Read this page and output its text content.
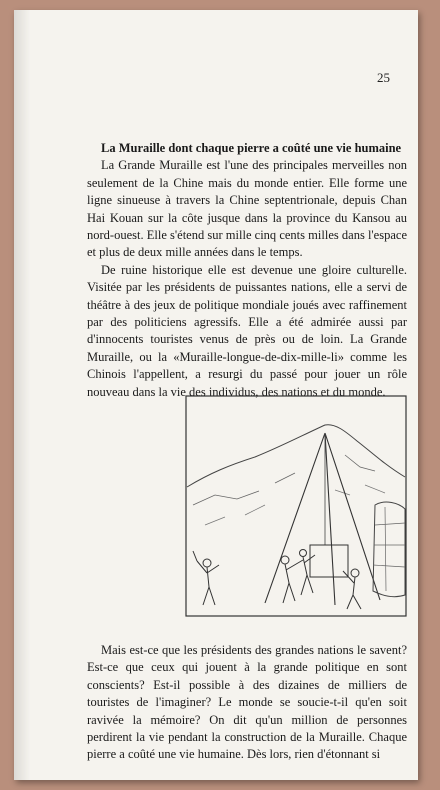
25

La Muraille dont chaque pierre a coûté une vie humaine

La Grande Muraille est l'une des principales merveilles non seulement de la Chine mais du monde entier. Elle forme une ligne sinueuse à travers la Chine septentrionale, depuis Chan Hai Kouan sur la côte jusque dans la province du Kansou au nord-ouest. Elle s'étend sur mille cinq cents milles dans l'espace et plus de deux mille années dans le temps.

De ruine historique elle est devenue une gloire culturelle. Visitée par les présidents de puissantes nations, elle a servi de théâtre à des jeux de politique mondiale joués avec raffinement par des politiciens agressifs. Elle a été admirée aussi par d'innocents touristes venus de près ou de loin. La Grande Muraille, ou la «Muraille-longue-de-dix-mille-li» comme les Chinois l'appellent, a resurgi du passé pour jouer un rôle nouveau dans la vie des individus, des nations et du monde.

Mais est-ce que les présidents des grandes nations le savent? Est-ce que ceux qui jouent à la grande politique en sont conscients? Est-il possible à des dizaines de milliers de touristes de l'imaginer? Le monde se soucie-t-il qu'en soit ravivée la mémoire? On dit qu'un million de personnes perdirent la vie pendant la construction de la Muraille. Chaque pierre a coûté une vie humaine. Dès lors, rien d'étonnant si
